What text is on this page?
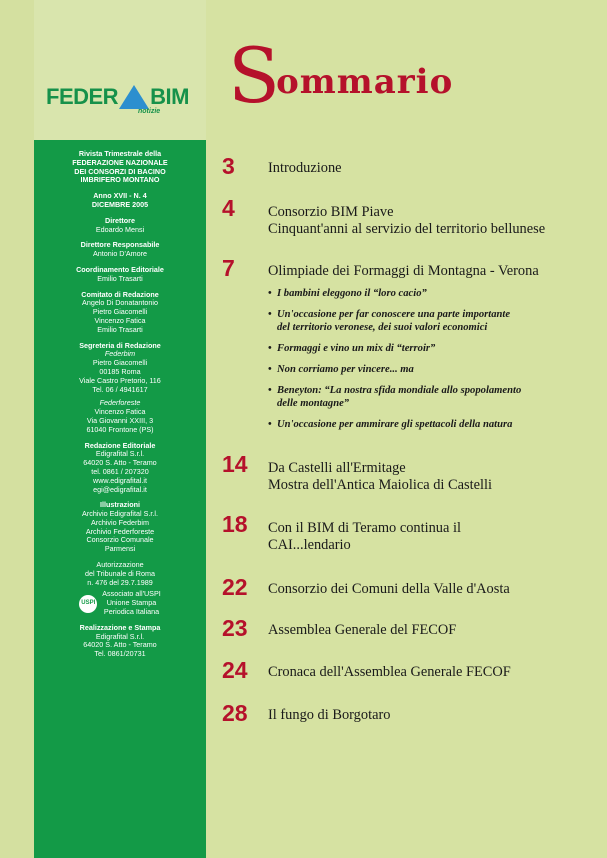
FEDER BIM
notizie
Rivista Trimestrale della
FEDERAZIONE NAZIONALE
DEI CONSORZI DI BACINO
IMBRIFERO MONTANO
Anno XVII - N. 4
DICEMBRE 2005
Direttore
Edoardo Mensi
Direttore Responsabile
Antonio D'Amore
Coordinamento Editoriale
Emilio Trasarti
Comitato di Redazione
Angelo Di Donatantonio
Pietro Giacomelli
Vincenzo Fatica
Emilio Trasarti
Segreteria di Redazione
Federbim
Pietro Giacomelli
00185 Roma
Viale Castro Pretorio, 116
Tel. 06 / 4941617
Federforeste
Vincenzo Fatica
Via Giovanni XXIII, 3
61040 Frontone (PS)
Redazione Editoriale
Edigrafital S.r.l.
64020 S. Atto - Teramo
tel. 0861 / 207320
www.edigrafital.it
egi@edigrafital.it
Illustrazioni
Archivio Edigrafital S.r.l.
Archivio Federbim
Archivio Federforeste
Consorzio Comunale
Parmensi
Autorizzazione
del Tribunale di Roma
n. 476 del 29.7.1989
USPI
Associato all'USPI
Unione Stampa
Periodica Italiana
Realizzazione e Stampa
Edigrafital S.r.l.
64020 S. Atto - Teramo
Tel. 0861/20731
Sommario
3	Introduzione
4	Consorzio BIM Piave
Cinquant'anni al servizio del territorio bellunese
7	Olimpiade dei Formaggi di Montagna - Verona
• I bambini eleggono il “loro cacio”
• Un'occasione per far conoscere una parte importante
del territorio veronese, dei suoi valori economici
• Formaggi e vino un mix di “terroir”
• Non corriamo per vincere... ma
• Beneyton: “La nostra sfida mondiale allo spopolamento
delle montagne”
• Un'occasione per ammirare gli spettacoli della natura
14	Da Castelli all'Ermitage
Mostra dell'Antica Maiolica di Castelli
18	Con il BIM di Teramo continua il
CAI...lendario
22	Consorzio dei Comuni della Valle d'Aosta
23	Assemblea Generale del FECOF
24	Cronaca dell'Assemblea Generale FECOF
28	Il fungo di Borgotaro
